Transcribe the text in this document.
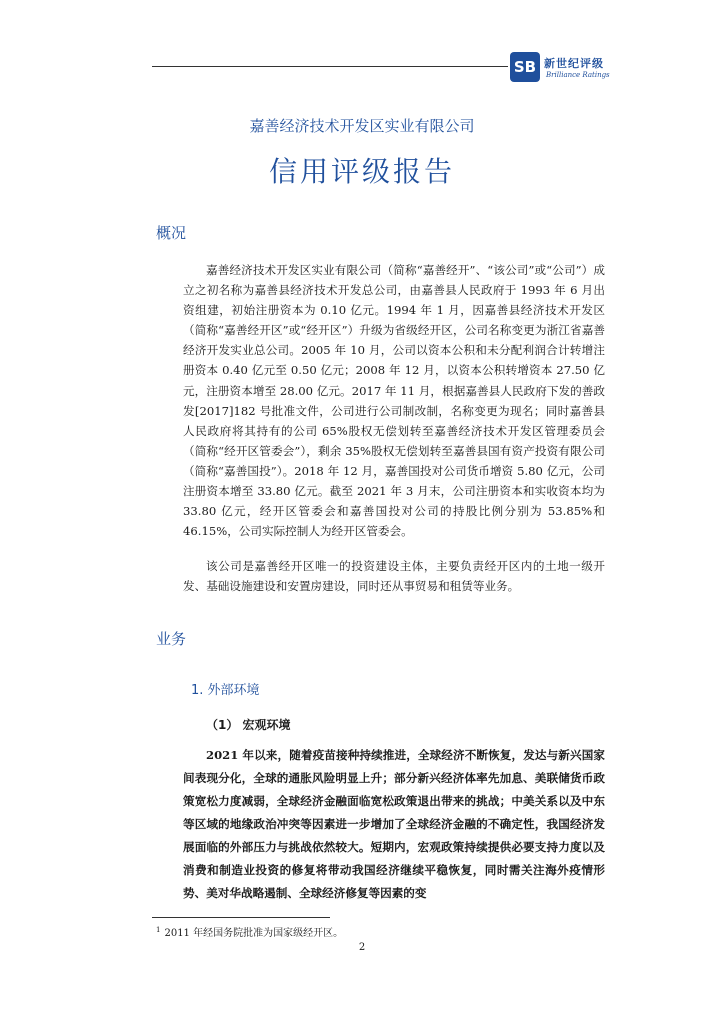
SB 新世纪评级
Brilliance Ratings
嘉善经济技术开发区实业有限公司
信用评级报告
概况

嘉善经济技术开发区实业有限公司（简称“嘉善经开”、“该公司”或“公司”）成立之初名称为嘉善县经济技术开发总公司，由嘉善县人民政府于 1993 年 6 月出资组建，初始注册资本为 0.10 亿元。1994 年 1 月，因嘉善县经济技术开发区（简称“嘉善经开区”或“经开区”）升级为省级经开区，公司名称变更为浙江省嘉善经济开发实业总公司。2005 年 10 月，公司以资本公积和未分配利润合计转增注册资本 0.40 亿元至 0.50 亿元；2008 年 12 月，以资本公积转增资本 27.50 亿元，注册资本增至 28.00 亿元。2017 年 11 月，根据嘉善县人民政府下发的善政发[2017]182 号批准文件，公司进行公司制改制，名称变更为现名；同时嘉善县人民政府将其持有的公司 65%股权无偿划转至嘉善经济技术开发区管理委员会（简称“经开区管委会”），剩余 35%股权无偿划转至嘉善县国有资产投资有限公司（简称“嘉善国投”）。2018 年 12 月，嘉善国投对公司货币增资 5.80 亿元，公司注册资本增至 33.80 亿元。截至 2021 年 3 月末，公司注册资本和实收资本均为 33.80 亿元，经开区管委会和嘉善国投对公司的持股比例分别为 53.85%和 46.15%，公司实际控制人为经开区管委会。

该公司是嘉善经开区唯一的投资建设主体，主要负责经开区内的土地一级开发、基础设施建设和安置房建设，同时还从事贸易和租赁等业务。

业务
1. 外部环境
（1） 宏观环境

2021 年以来，随着疫苗接种持续推进，全球经济不断恢复，发达与新兴国家间表现分化，全球的通胀风险明显上升；部分新兴经济体率先加息、美联储货币政策宽松力度减弱，全球经济金融面临宽松政策退出带来的挑战；中美关系以及中东等区域的地缘政治冲突等因素进一步增加了全球经济金融的不确定性，我国经济发展面临的外部压力与挑战依然较大。短期内，宏观政策持续提供必要支持力度以及消费和制造业投资的修复将带动我国经济继续平稳恢复，同时需关注海外疫情形势、美对华战略遏制、全球经济修复等因素的变

$^1$ 2011 年经国务院批准为国家级经开区。
2
